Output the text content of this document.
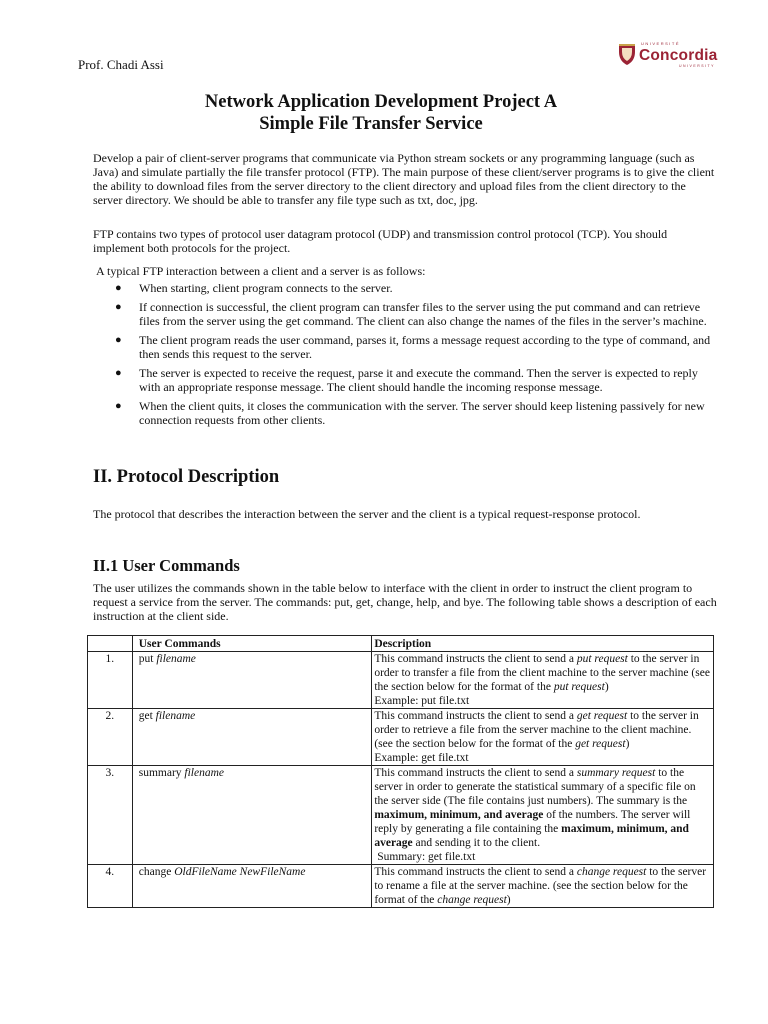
Prof. Chadi Assi
UNIVERSITÉ
Concordia
UNIVERSITY
Network Application Development Project A
Simple File Transfer Service

Develop a pair of client-server programs that communicate via Python stream sockets or any programming language (such as Java) and simulate partially the file transfer protocol (FTP). The main purpose of these client/server programs is to give the client the ability to download files from the server directory to the client directory and upload files from the client directory to the server directory. We should be able to transfer any file type such as txt, doc, jpg.

FTP contains two types of protocol user datagram protocol (UDP) and transmission control protocol (TCP). You should implement both protocols for the project.

A typical FTP interaction between a client and a server is as follows:

● When starting, client program connects to the server.
● If connection is successful, the client program can transfer files to the server using the put command and can retrieve files from the server using the get command. The client can also change the names of the files in the server’s machine.
● The client program reads the user command, parses it, forms a message request according to the type of command, and then sends this request to the server.
● The server is expected to receive the request, parse it and execute the command. Then the server is expected to reply with an appropriate response message. The client should handle the incoming response message.
● When the client quits, it closes the communication with the server. The server should keep listening passively for new connection requests from other clients.
II. Protocol Description

The protocol that describes the interaction between the server and the client is a typical request-response protocol.

II.1 User Commands

The user utilizes the commands shown in the table below to interface with the client in order to instruct the client program to request a service from the server. The commands: put, get, change, help, and bye. The following table shows a description of each instruction at the client side.

	User Commands	Description
1.	put filename	This command instructs the client to send a put request to the server in order to transfer a file from the client machine to the server machine (see the section below for the format of the put request)
Example: put file.txt
2.	get filename	This command instructs the client to send a get request to the server in order to retrieve a file from the server machine to the client machine. (see the section below for the format of the get request)
Example: get file.txt
3.	summary filename	This command instructs the client to send a summary request to the server in order to generate the statistical summary of a specific file on the server side (The file contains just numbers). The summary is the maximum, minimum, and average of the numbers. The server will reply by generating a file containing the maximum, minimum, and average and sending it to the client.
Summary: get file.txt
4.	change OldFileName NewFileName	This command instructs the client to send a change request to the server to rename a file at the server machine. (see the section below for the format of the change request)
